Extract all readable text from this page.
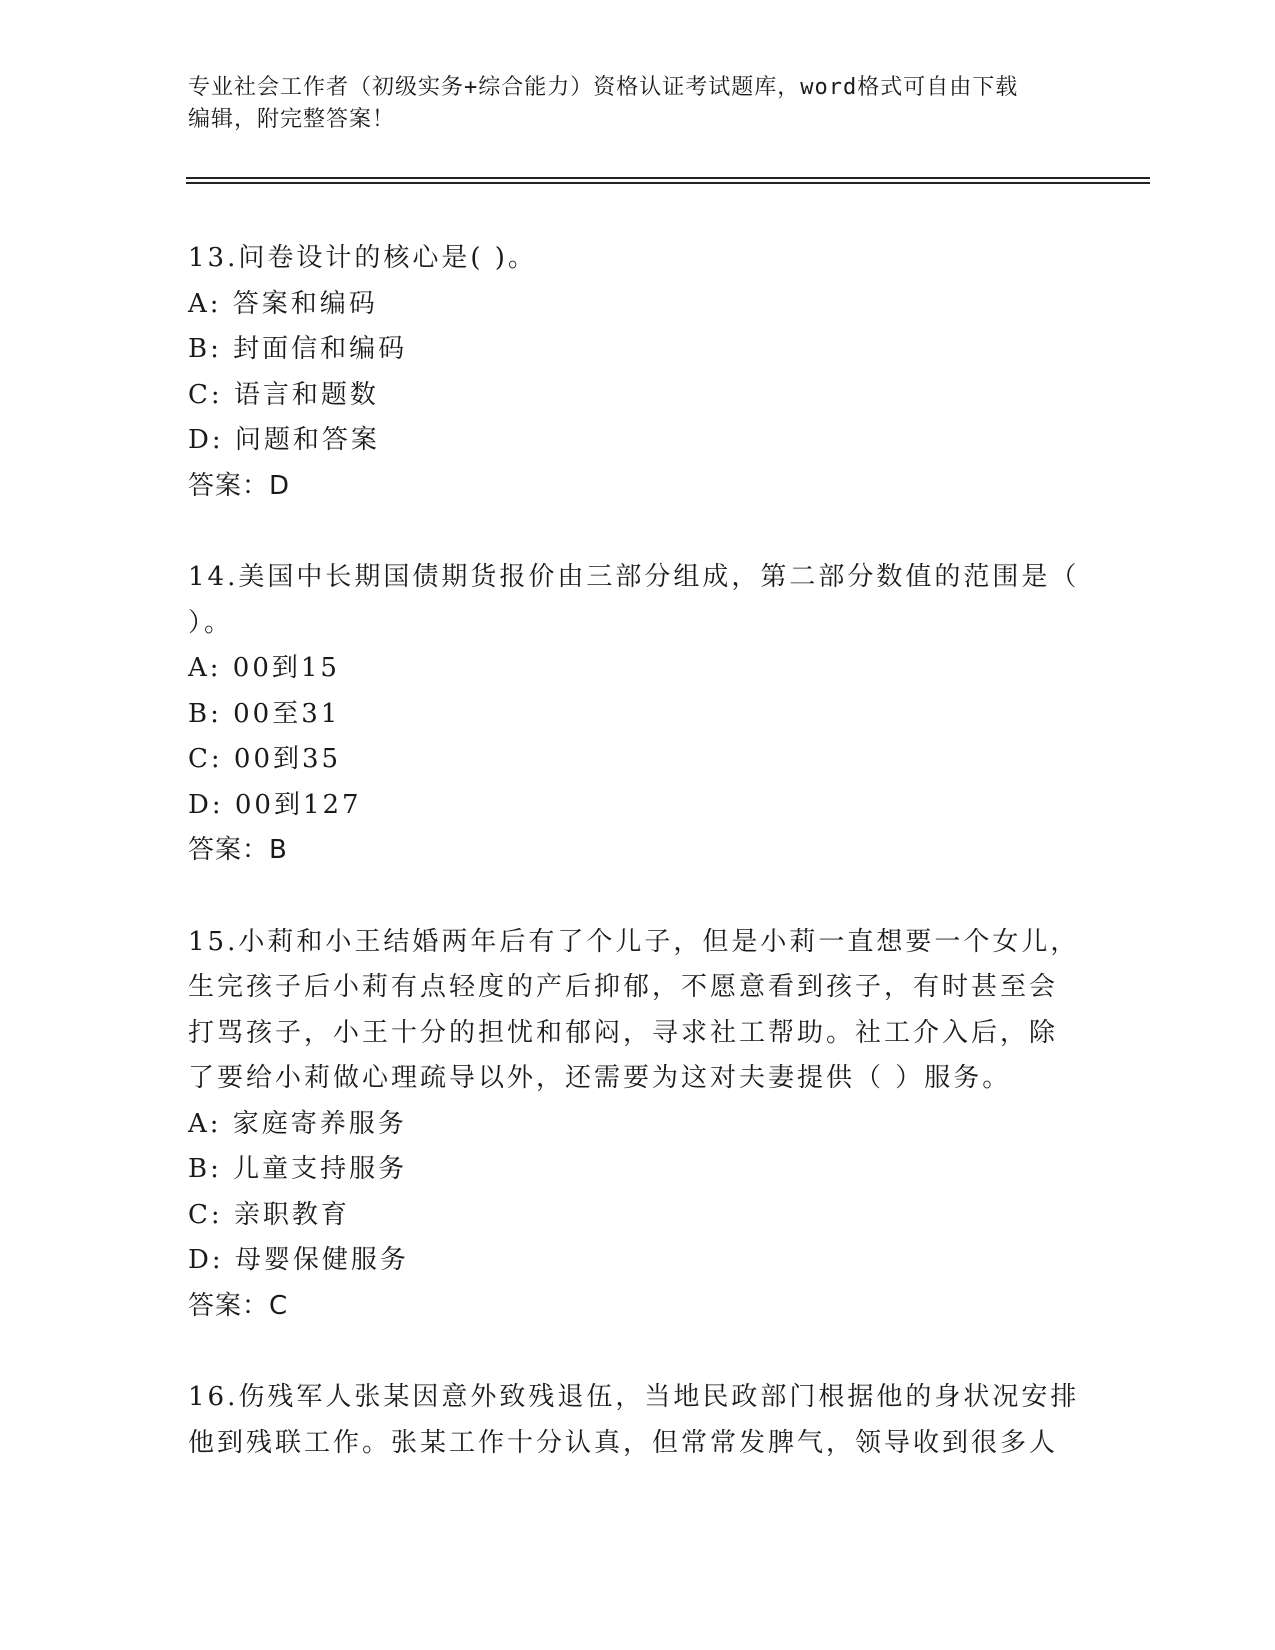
专业社会工作者（初级实务+综合能力）资格认证考试题库，word格式可自由下载
编辑，附完整答案！
13.问卷设计的核心是( )。
A: 答案和编码
B: 封面信和编码
C: 语言和题数
D: 问题和答案
答案：D
14.美国中长期国债期货报价由三部分组成，第二部分数值的范围是（
）。
A: 00到15
B: 00至31
C: 00到35
D: 00到127
答案：B
15.小莉和小王结婚两年后有了个儿子，但是小莉一直想要一个女儿，
生完孩子后小莉有点轻度的产后抑郁，不愿意看到孩子，有时甚至会
打骂孩子，小王十分的担忧和郁闷，寻求社工帮助。社工介入后，除
了要给小莉做心理疏导以外，还需要为这对夫妻提供（ ）服务。
A: 家庭寄养服务
B: 儿童支持服务
C: 亲职教育
D: 母婴保健服务
答案：C
16.伤残军人张某因意外致残退伍，当地民政部门根据他的身状况安排
他到残联工作。张某工作十分认真，但常常发脾气，领导收到很多人
